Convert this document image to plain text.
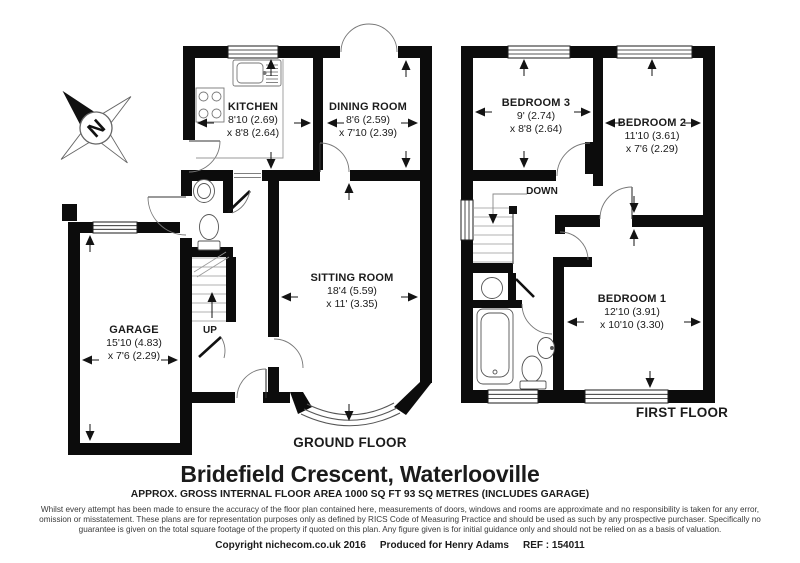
N
KITCHEN
8'10 (2.69)
x 8'8 (2.64)
DINING ROOM
8'6 (2.59)
x 7'10 (2.39)
SITTING ROOM
18'4 (5.59)
x 11' (3.35)
GARAGE
15'10 (4.83)
x 7'6 (2.29)
BEDROOM 3
9' (2.74)
x 8'8 (2.64)	BEDROOM 2
11'10 (3.61)
x 7'6 (2.29)
BEDROOM 1
12'10 (3.91)
x 10'10 (3.30)
UP
DOWN
GROUND FLOOR
FIRST FLOOR
Bridefield Crescent, Waterlooville
APPROX. GROSS INTERNAL FLOOR AREA 1000 SQ FT 93 SQ METRES (INCLUDES GARAGE)
Whilst every attempt has been made to ensure the accuracy of the floor plan contained here, measurements of doors, windows and rooms are approximate and no responsibility is taken for any error,
omission or misstatement. These plans are for representation purposes only as defined by RICS Code of Measuring Practice and should be used as such by any prospective purchaser. Specifically no
guarantee is given on the total square footage of the property if quoted on this plan. Any figure given is for initial guidance only and should not be relied on as a basis of valuation.
Copyright nichecom.co.uk 2016 Produced for Henry Adams REF : 154011
